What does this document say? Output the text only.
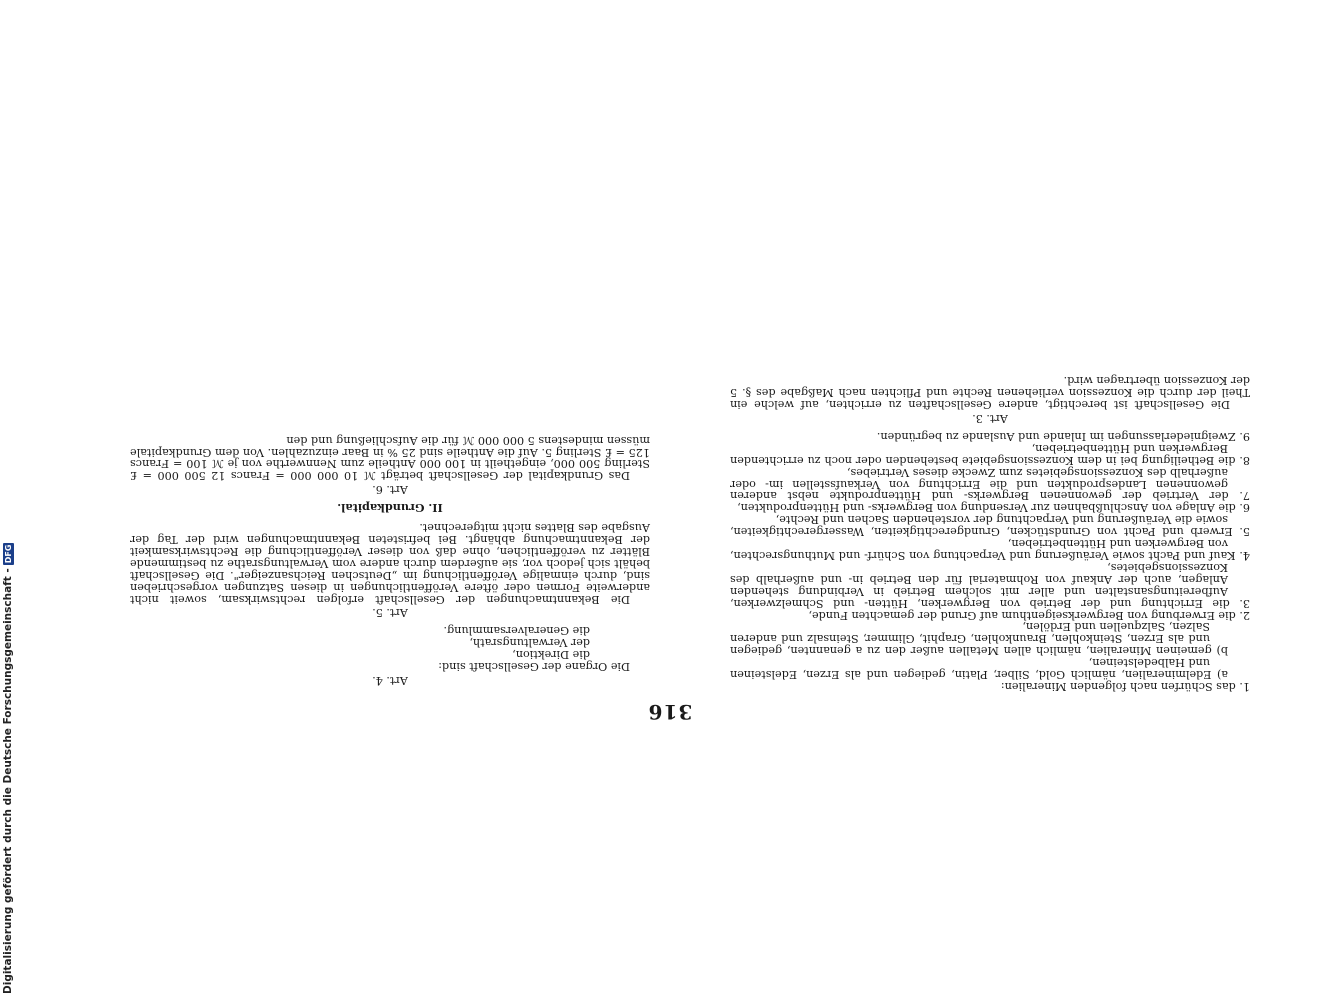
316

1. das Schürfen nach folgenden Mineralien:

a) Edelmineralien, nämlich Gold, Silber, Platin, gediegen und als Erzen, Edelsteinen und Halbedelsteinen,

b) gemeinen Mineralien, nämlich allen Metallen außer den zu a genannten, gediegen und als Erzen, Steinkohlen, Braunkohlen, Graphit, Glimmer, Steinsalz und anderen Salzen, Salzquellen und Erdölen,

2. die Erwerbung von Bergwerkseigenthum auf Grund der gemachten Funde,

3. die Errichtung und der Betrieb von Bergwerken, Hütten- und Schmelzwerken, Aufbereitungsanstalten und aller mit solchem Betrieb in Verbindung stehenden Anlagen, auch der Ankauf von Rohmaterial für den Betrieb in- und außerhalb des Konzessionsgebietes,

4. Kauf und Pacht sowie Veräußerung und Verpachtung von Schürf- und Muthungsrechten, von Bergwerken und Hüttenbetrieben,

5. Erwerb und Pacht von Grundstücken, Grundgerechtigkeiten, Wassergerechtigkeiten, sowie die Veräußerung und Verpachtung der vorstehenden Sachen und Rechte,

6. die Anlage von Anschlußbahnen zur Versendung von Bergwerks- und Hüttenprodukten,

7. der Vertrieb der gewonnenen Bergwerks- und Hüttenprodukte nebst anderen gewonnenen Landesprodukten und die Errichtung von Verkaufsstellen im- oder außerhalb des Konzessionsgebietes zum Zwecke dieses Vertriebes,

8. die Betheiligung bei in dem Konzessionsgebiete bestehenden oder noch zu errichtenden Bergwerken und Hüttenbetrieben,

9. Zweigniederlassungen im Inlande und Auslande zu begründen.

Art. 3.

Die Gesellschaft ist berechtigt, andere Gesellschaften zu errichten, auf welche ein Theil der durch die Konzession verliehenen Rechte und Pflichten nach Maßgabe des §. 5 der Konzession übertragen wird.

Art. 4.

Die Organe der Gesellschaft sind:

die Direktion,
der Verwaltungsrath,
die Generalversammlung.
Art. 5.

Die Bekanntmachungen der Gesellschaft erfolgen rechtswirksam, soweit nicht anderweite Formen oder öftere Veröffentlichungen in diesen Satzungen vorgeschrieben sind, durch einmalige Veröffentlichung im „Deutschen Reichsanzeiger". Die Gesellschaft behält sich jedoch vor, sie außerdem durch andere vom Verwaltungsrathe zu bestimmende Blätter zu veröffentlichen, ohne daß von dieser Veröffentlichung die Rechtswirksamkeit der Bekanntmachung abhängt. Bei befristeten Bekanntmachungen wird der Tag der Ausgabe des Blattes nicht mitgerechnet.

II. Grundkapital.
Art. 6.

Das Grundkapital der Gesellschaft beträgt ℳ 10 000 000 = Francs 12 500 000 = £ Sterling 500 000, eingetheilt in 100 000 Antheile zum Nennwerthe von je ℳ 100 = Francs 125 = £ Sterling 5. Auf die Antheile sind 25 % in Baar einzuzahlen. Von dem Grundkapitale müssen mindestens 5 000 000 ℳ für die Aufschließung und den

Digitalisierung gefördert durch die Deutsche Forschungsgemeinschaft -
DFG
